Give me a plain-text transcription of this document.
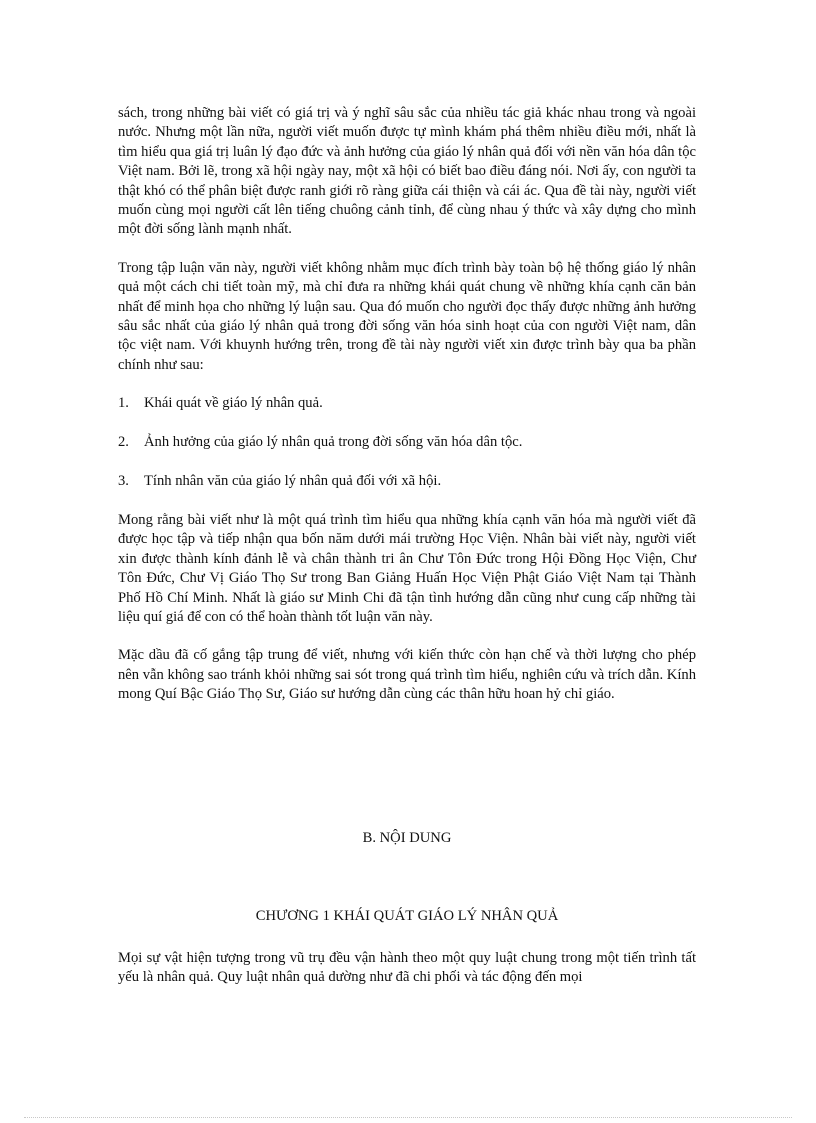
sách, trong những bài viết có giá trị và ý nghĩ sâu sắc của nhiều tác giả khác nhau trong và ngoài nước. Nhưng một lần nữa, người viết muốn được tự mình khám phá thêm nhiều điều mới, nhất là tìm hiểu qua giá trị luân lý đạo đức và ảnh hưởng của giáo lý nhân quả đối với nền văn hóa dân tộc Việt nam. Bởi lẽ, trong xã hội ngày nay, một xã hội có biết bao điều đáng nói. Nơi ấy, con người ta thật khó có thể phân biệt được ranh giới rõ ràng giữa cái thiện và cái ác. Qua đề tài này, người viết muốn cùng mọi người cất lên tiếng chuông cảnh tỉnh, để cùng nhau ý thức và xây dựng cho mình một đời sống lành mạnh nhất.

Trong tập luận văn này, người viết không nhằm mục đích trình bày toàn bộ hệ thống giáo lý nhân quả một cách chi tiết toàn mỹ, mà chỉ đưa ra những khái quát chung về những khía cạnh căn bản nhất để minh họa cho những lý luận sau. Qua đó muốn cho người đọc thấy được những ảnh hưởng sâu sắc nhất của giáo lý nhân quả trong đời sống văn hóa sinh hoạt của con người Việt nam, dân tộc việt nam. Với khuynh hướng trên, trong đề tài này người viết xin được trình bày qua ba phần chính như sau:

1.	Khái quát về giáo lý nhân quả.
2.	Ảnh hưởng của giáo lý nhân quả trong đời sống văn hóa dân tộc.
3.	Tính nhân văn của giáo lý nhân quả đối với xã hội.

Mong rằng bài viết như là một quá trình tìm hiểu qua những khía cạnh văn hóa mà người viết đã được học tập và tiếp nhận qua bốn năm dưới mái trường Học Viện. Nhân bài viết này, người viết xin được thành kính đảnh lễ và chân thành tri ân Chư Tôn Đức trong Hội Đồng Học Viện, Chư Tôn Đức, Chư Vị Giáo Thọ Sư trong Ban Giảng Huấn Học Viện Phật Giáo Việt Nam tại Thành Phố Hồ Chí Minh. Nhất là giáo sư Minh Chi đã tận tình hướng dẫn cũng như cung cấp những tài liệu quí giá để con có thể hoàn thành tốt luận văn này.

Mặc dầu đã cố gắng tập trung để viết, nhưng với kiến thức còn hạn chế và thời lượng cho phép nên vẫn không sao tránh khỏi những sai sót trong quá trình tìm hiểu, nghiên cứu và trích dẫn. Kính mong Quí Bậc Giáo Thọ Sư, Giáo sư hướng dẫn cùng các thân hữu hoan hỷ chỉ giáo.

B. NỘI DUNG
CHƯƠNG 1 KHÁI QUÁT GIÁO LÝ NHÂN QUẢ

Mọi sự vật hiện tượng trong vũ trụ đều vận hành theo một quy luật chung trong một tiến trình tất yếu là nhân quả. Quy luật nhân quả dường như đã chi phối và tác động đến mọi
